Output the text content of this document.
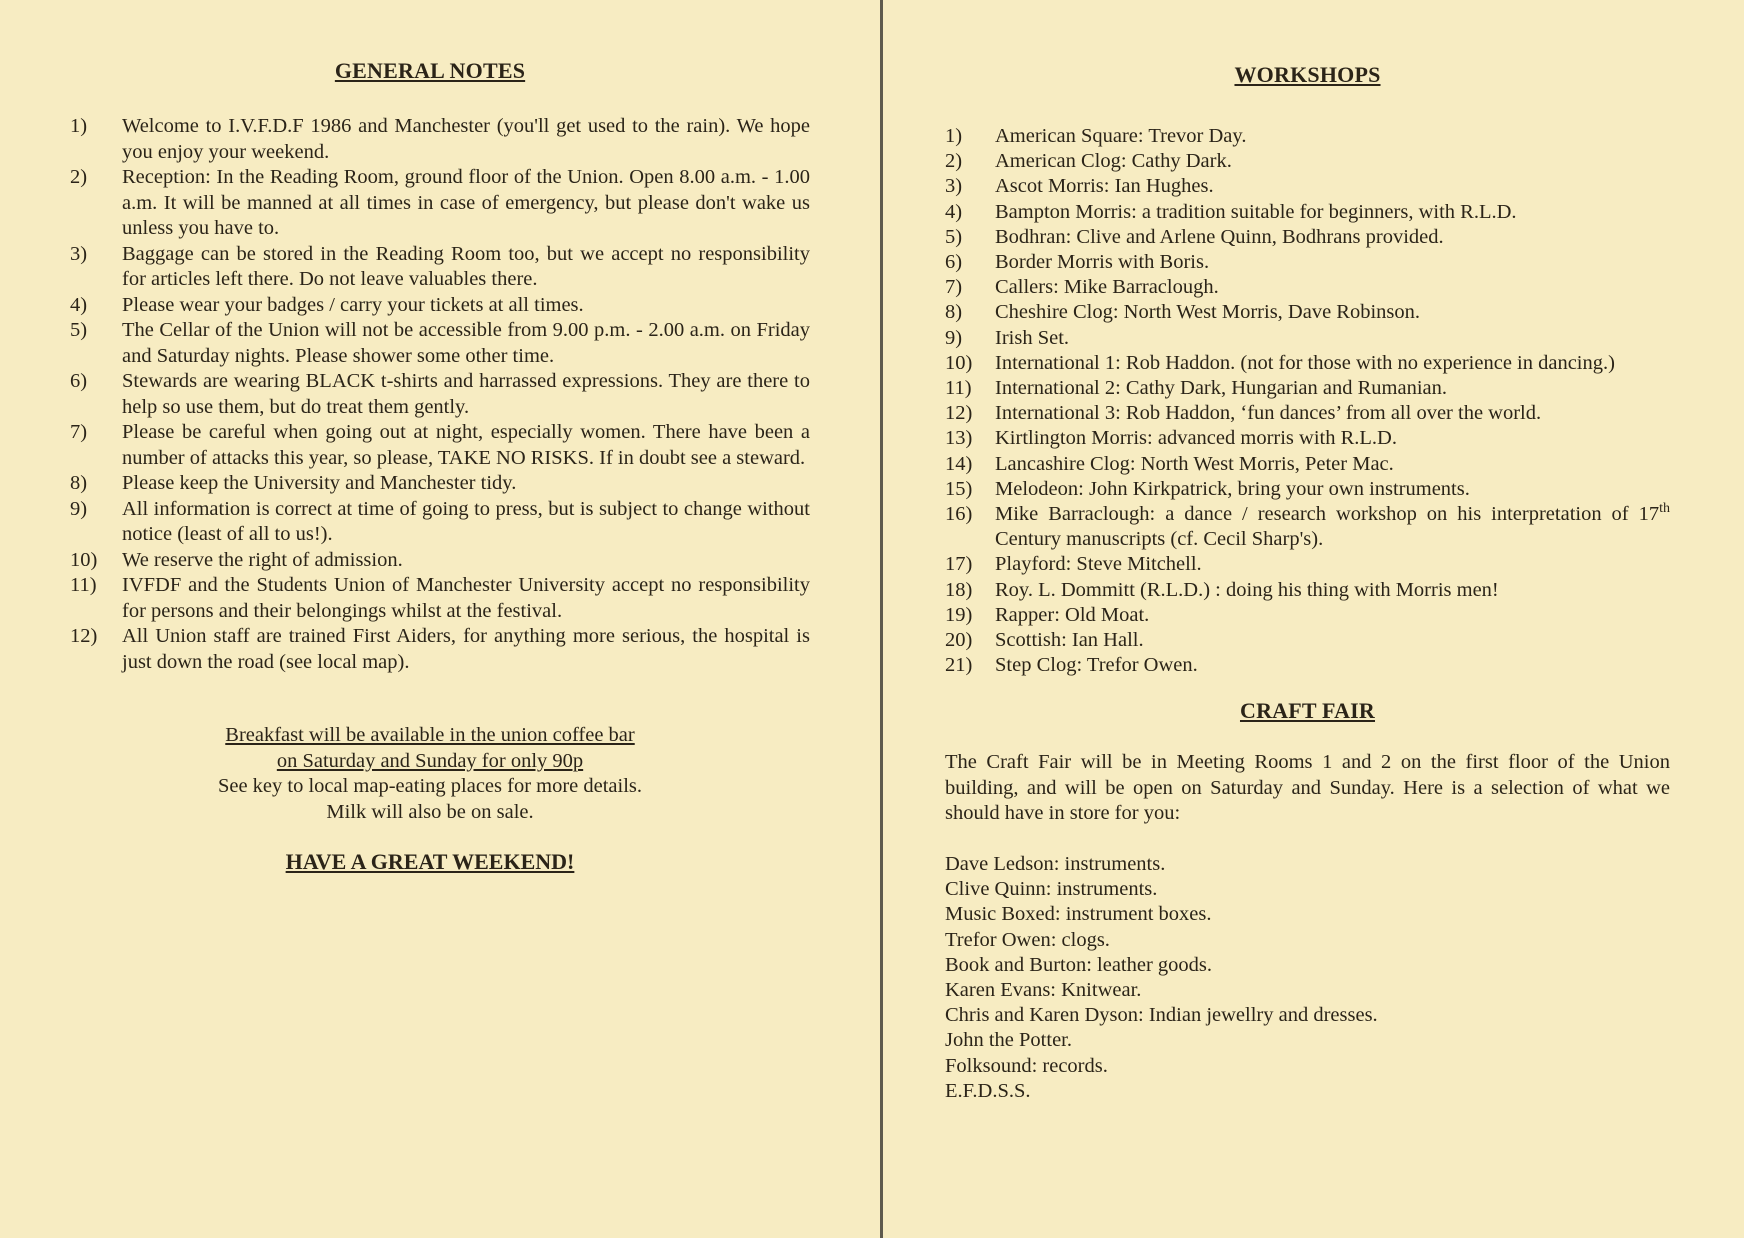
GENERAL NOTES
1)	Welcome to I.V.F.D.F 1986 and Manchester (you'll get used to the rain). We hope you enjoy your weekend.
2)	Reception: In the Reading Room, ground floor of the Union. Open 8.00 a.m. - 1.00 a.m. It will be manned at all times in case of emergency, but please don't wake us unless you have to.
3)	Baggage can be stored in the Reading Room too, but we accept no responsibility for articles left there. Do not leave valuables there.
4)	Please wear your badges / carry your tickets at all times.
5)	The Cellar of the Union will not be accessible from 9.00 p.m. - 2.00 a.m. on Friday and Saturday nights. Please shower some other time.
6)	Stewards are wearing BLACK t-shirts and harrassed expressions. They are there to help so use them, but do treat them gently.
7)	Please be careful when going out at night, especially women. There have been a number of attacks this year, so please, TAKE NO RISKS. If in doubt see a steward.
8)	Please keep the University and Manchester tidy.
9)	All information is correct at time of going to press, but is subject to change without notice (least of all to us!).
10)	We reserve the right of admission.
11)	IVFDF and the Students Union of Manchester University accept no responsibility for persons and their belongings whilst at the festival.
12)	All Union staff are trained First Aiders, for anything more serious, the hospital is just down the road (see local map).
Breakfast will be available in the union coffee bar
on Saturday and Sunday for only 90p
See key to local map-eating places for more details.
Milk will also be on sale.
HAVE A GREAT WEEKEND!
WORKSHOPS
1)	American Square: Trevor Day.
2)	American Clog: Cathy Dark.
3)	Ascot Morris: Ian Hughes.
4)	Bampton Morris: a tradition suitable for beginners, with R.L.D.
5)	Bodhran: Clive and Arlene Quinn, Bodhrans provided.
6)	Border Morris with Boris.
7)	Callers: Mike Barraclough.
8)	Cheshire Clog: North West Morris, Dave Robinson.
9)	Irish Set.
10)	International 1: Rob Haddon. (not for those with no experience in dancing.)
11)	International 2: Cathy Dark, Hungarian and Rumanian.
12)	International 3: Rob Haddon, ‘fun dances’ from all over the world.
13)	Kirtlington Morris: advanced morris with R.L.D.
14)	Lancashire Clog: North West Morris, Peter Mac.
15)	Melodeon: John Kirkpatrick, bring your own instruments.
16)	Mike Barraclough: a dance / research workshop on his interpretation of 17th Century manuscripts (cf. Cecil Sharp's).
17)	Playford: Steve Mitchell.
18)	Roy. L. Dommitt (R.L.D.) : doing his thing with Morris men!
19)	Rapper: Old Moat.
20)	Scottish: Ian Hall.
21)	Step Clog: Trefor Owen.
CRAFT FAIR

The Craft Fair will be in Meeting Rooms 1 and 2 on the first floor of the Union building, and will be open on Saturday and Sunday. Here is a selection of what we should have in store for you:

Dave Ledson: instruments.
Clive Quinn: instruments.
Music Boxed: instrument boxes.
Trefor Owen: clogs.
Book and Burton: leather goods.
Karen Evans: Knitwear.
Chris and Karen Dyson: Indian jewellry and dresses.
John the Potter.
Folksound: records.
E.F.D.S.S.
